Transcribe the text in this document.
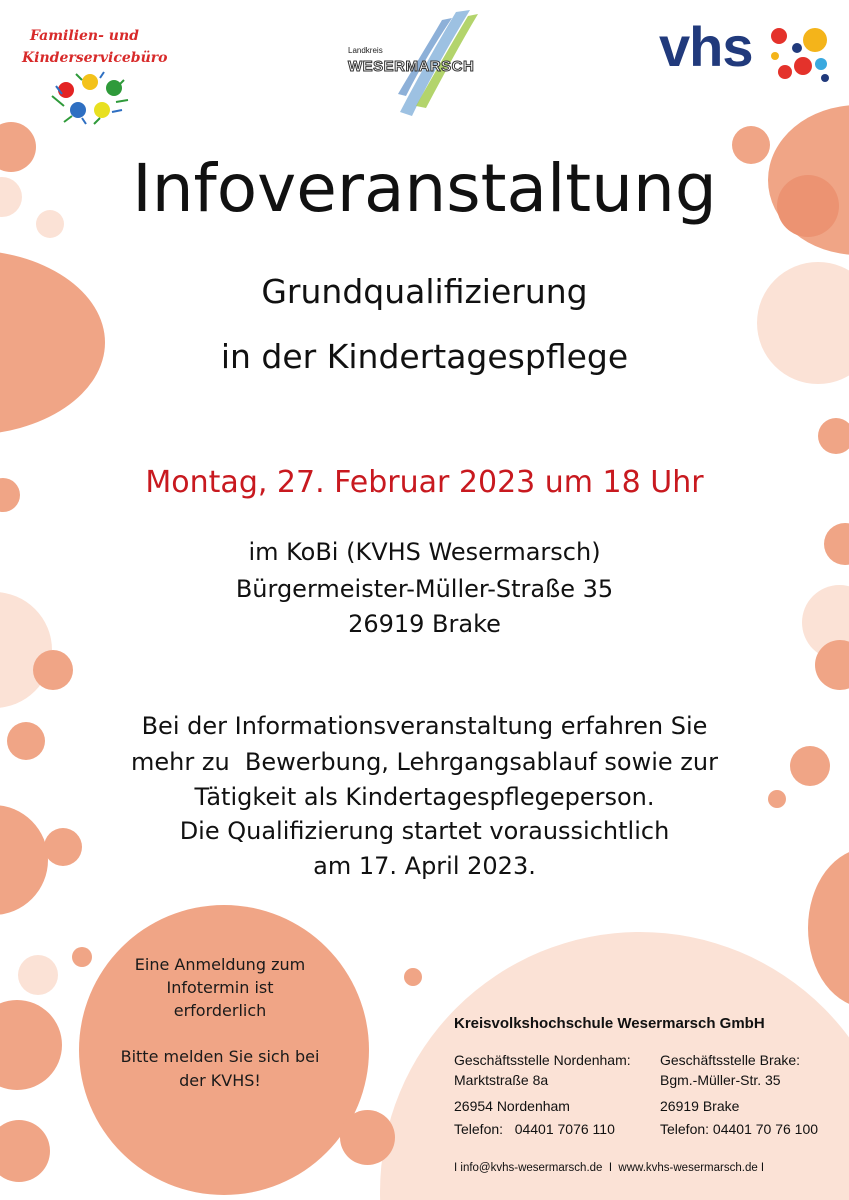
Familien- und
Kinderservicebüro	Landkreis
WESERMARSCH	vhs
Infoveranstaltung
Grundqualifizierung
in der Kindertagespflege
Montag, 27. Februar 2023 um 18 Uhr
im KoBi (KVHS Wesermarsch)
Bürgermeister-Müller-Straße 35
26919 Brake
Bei der Informationsveranstaltung erfahren Sie
mehr zu  Bewerbung, Lehrgangsablauf sowie zur
Tätigkeit als Kindertagespflegeperson.
Die Qualifizierung startet voraussichtlich
am 17. April 2023.
Eine Anmeldung zum
Infotermin ist
erforderlich
Bitte melden Sie sich bei
der KVHS!
Kreisvolkshochschule Wesermarsch GmbH
Geschäftsstelle Nordenham:
Marktstraße 8a
26954 Nordenham
Telefon:   04401 7076 110
Geschäftsstelle Brake:
Bgm.-Müller-Str. 35
26919 Brake
Telefon: 04401 70 76 100
I info@kvhs-wesermarsch.de  I  www.kvhs-wesermarsch.de I
